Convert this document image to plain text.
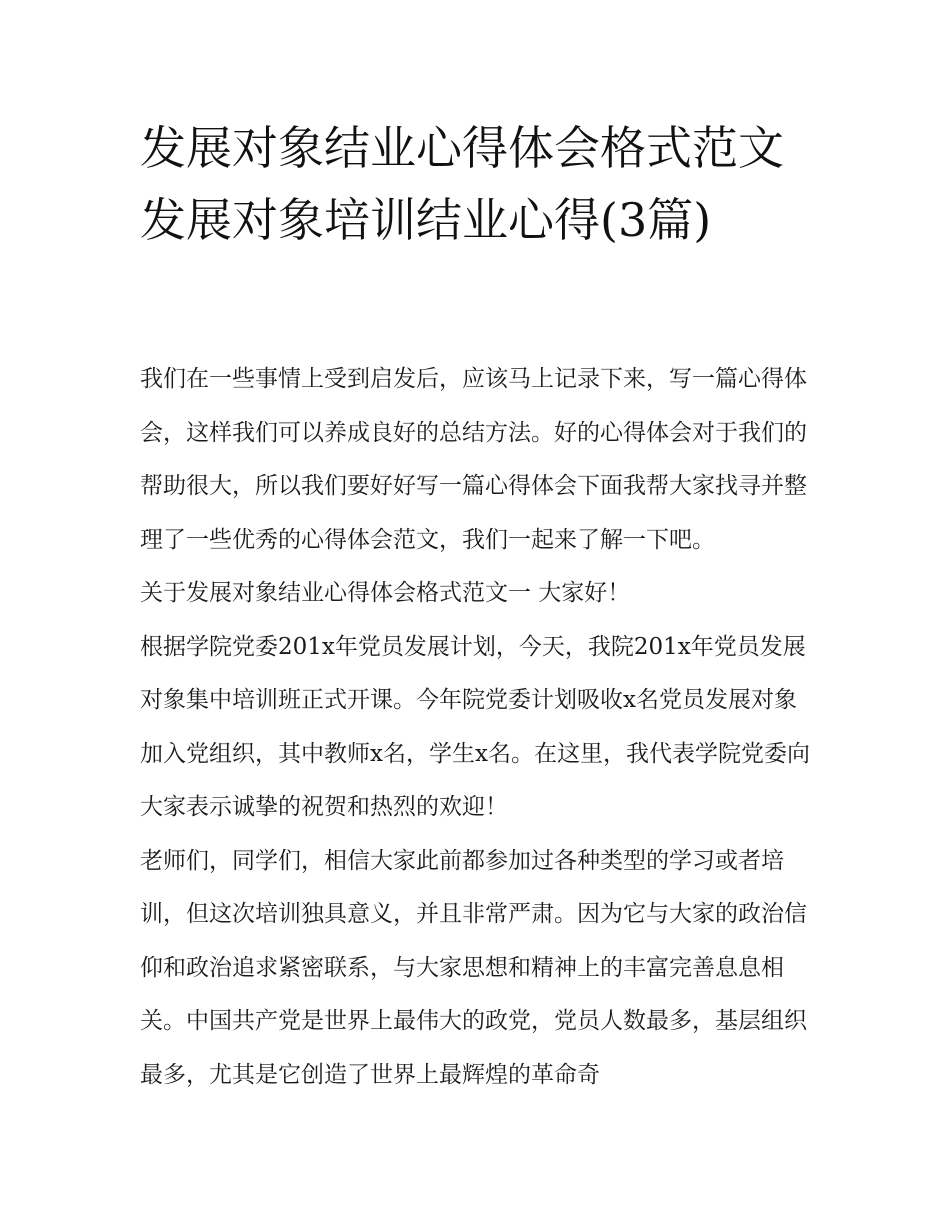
发展对象结业心得体会格式范文 发展对象培训结业心得(3篇)

我们在一些事情上受到启发后，应该马上记录下来，写一篇心得体会，这样我们可以养成良好的总结方法。好的心得体会对于我们的帮助很大，所以我们要好好写一篇心得体会下面我帮大家找寻并整理了一些优秀的心得体会范文，我们一起来了解一下吧。

关于发展对象结业心得体会格式范文一 大家好！

根据学院党委201x年党员发展计划，今天，我院201x年党员发展对象集中培训班正式开课。今年院党委计划吸收x名党员发展对象加入党组织，其中教师x名，学生x名。在这里，我代表学院党委向大家表示诚挚的祝贺和热烈的欢迎！

老师们，同学们，相信大家此前都参加过各种类型的学习或者培训，但这次培训独具意义，并且非常严肃。因为它与大家的政治信仰和政治追求紧密联系，与大家思想和精神上的丰富完善息息相关。中国共产党是世界上最伟大的政党，党员人数最多，基层组织最多，尤其是它创造了世界上最辉煌的革命奇
